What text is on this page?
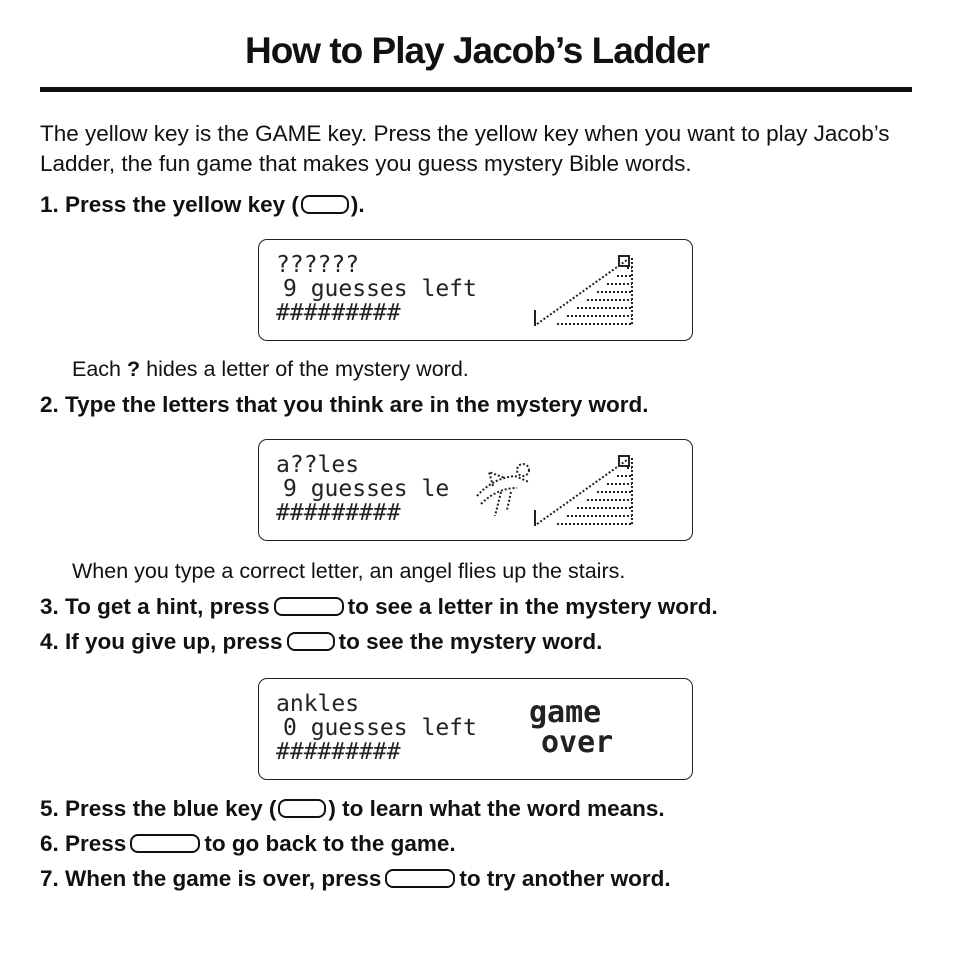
How to Play Jacob’s Ladder
The yellow key is the GAME key. Press the yellow key when you want to play Jacob’s Ladder, the fun game that makes you guess mystery Bible words.
1. Press the yellow key ( ).
??????
9 guesses left
#########
Each ? hides a letter of the mystery word.
2. Type the letters that you think are in the mystery word.
a??les
9 guesses le
#########
When you type a correct letter, an angel flies up the stairs.
3. To get a hint, press	to see a letter in the mystery word.
4. If you give up, press to see the mystery word.
ankles
0 guesses left
#########
game
over
5. Press the blue key ( ) to learn what the word means.
6. Press	to go back to the game.
7. When the game is over, press	to try another word.
